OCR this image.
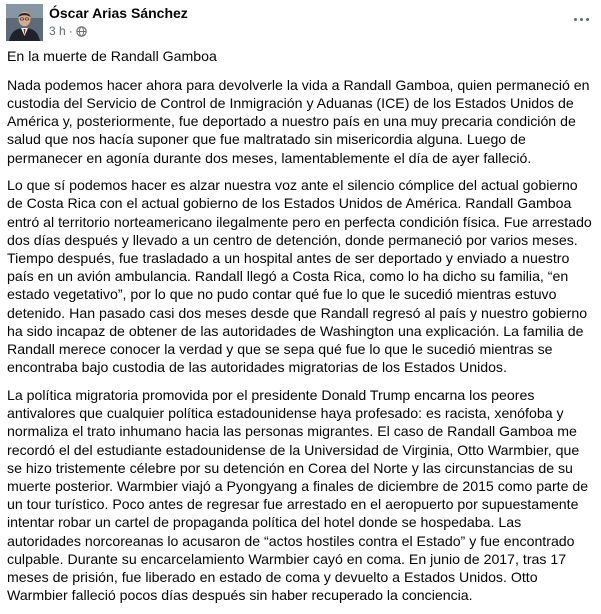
Óscar Arias Sánchez
3 h ·

En la muerte de Randall Gamboa

Nada podemos hacer ahora para devolverle la vida a Randall Gamboa, quien permaneció en custodia del Servicio de Control de Inmigración y Aduanas (ICE) de los Estados Unidos de América y, posteriormente, fue deportado a nuestro país en una muy precaria condición de salud que nos hacía suponer que fue maltratado sin misericordia alguna. Luego de permanecer en agonía durante dos meses, lamentablemente el día de ayer falleció.

Lo que sí podemos hacer es alzar nuestra voz ante el silencio cómplice del actual gobierno de Costa Rica con el actual gobierno de los Estados Unidos de América. Randall Gamboa entró al territorio norteamericano ilegalmente pero en perfecta condición física. Fue arrestado dos días después y llevado a un centro de detención, donde permaneció por varios meses. Tiempo después, fue trasladado a un hospital antes de ser deportado y enviado a nuestro país en un avión ambulancia. Randall llegó a Costa Rica, como lo ha dicho su familia, “en estado vegetativo”, por lo que no pudo contar qué fue lo que le sucedió mientras estuvo detenido. Han pasado casi dos meses desde que Randall regresó al país y nuestro gobierno ha sido incapaz de obtener de las autoridades de Washington una explicación. La familia de Randall merece conocer la verdad y que se sepa qué fue lo que le sucedió mientras se encontraba bajo custodia de las autoridades migratorias de los Estados Unidos.

La política migratoria promovida por el presidente Donald Trump encarna los peores antivalores que cualquier política estadounidense haya profesado: es racista, xenófoba y normaliza el trato inhumano hacia las personas migrantes. El caso de Randall Gamboa me recordó el del estudiante estadounidense de la Universidad de Virginia, Otto Warmbier, que se hizo tristemente célebre por su detención en Corea del Norte y las circunstancias de su muerte posterior. Warmbier viajó a Pyongyang a finales de diciembre de 2015 como parte de un tour turístico. Poco antes de regresar fue arrestado en el aeropuerto por supuestamente intentar robar un cartel de propaganda política del hotel donde se hospedaba. Las autoridades norcoreanas lo acusaron de “actos hostiles contra el Estado” y fue encontrado culpable. Durante su encarcelamiento Warmbier cayó en coma. En junio de 2017, tras 17 meses de prisión, fue liberado en estado de coma y devuelto a Estados Unidos. Otto Warmbier falleció pocos días después sin haber recuperado la conciencia.
